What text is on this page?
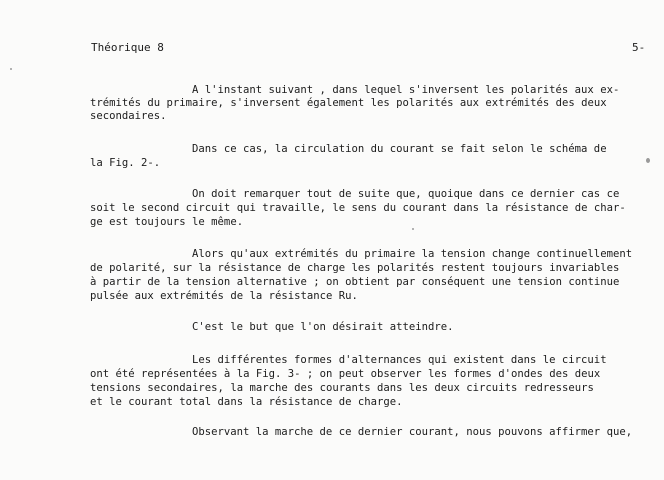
Théorique 8	5-
A l'instant suivant , dans lequel s'inversent les polarités aux ex-
trémités du primaire, s'inversent également les polarités aux extrémités des deux
secondaires.
Dans ce cas, la circulation du courant se fait selon le schéma de
la Fig. 2-.
On doit remarquer tout de suite que, quoique dans ce dernier cas ce
soit le second circuit qui travaille, le sens du courant dans la résistance de char-
ge est toujours le même.
Alors qu'aux extrémités du primaire la tension change continuellement
de polarité, sur la résistance de charge les polarités restent toujours invariables
à partir de la tension alternative ; on obtient par conséquent une tension continue
pulsée aux extrémités de la résistance Ru.
C'est le but que l'on désirait atteindre.
Les différentes formes d'alternances qui existent dans le circuit
ont été représentées à la Fig. 3- ; on peut observer les formes d'ondes des deux
tensions secondaires, la marche des courants dans les deux circuits redresseurs
et le courant total dans la résistance de charge.
Observant la marche de ce dernier courant, nous pouvons affirmer que,
